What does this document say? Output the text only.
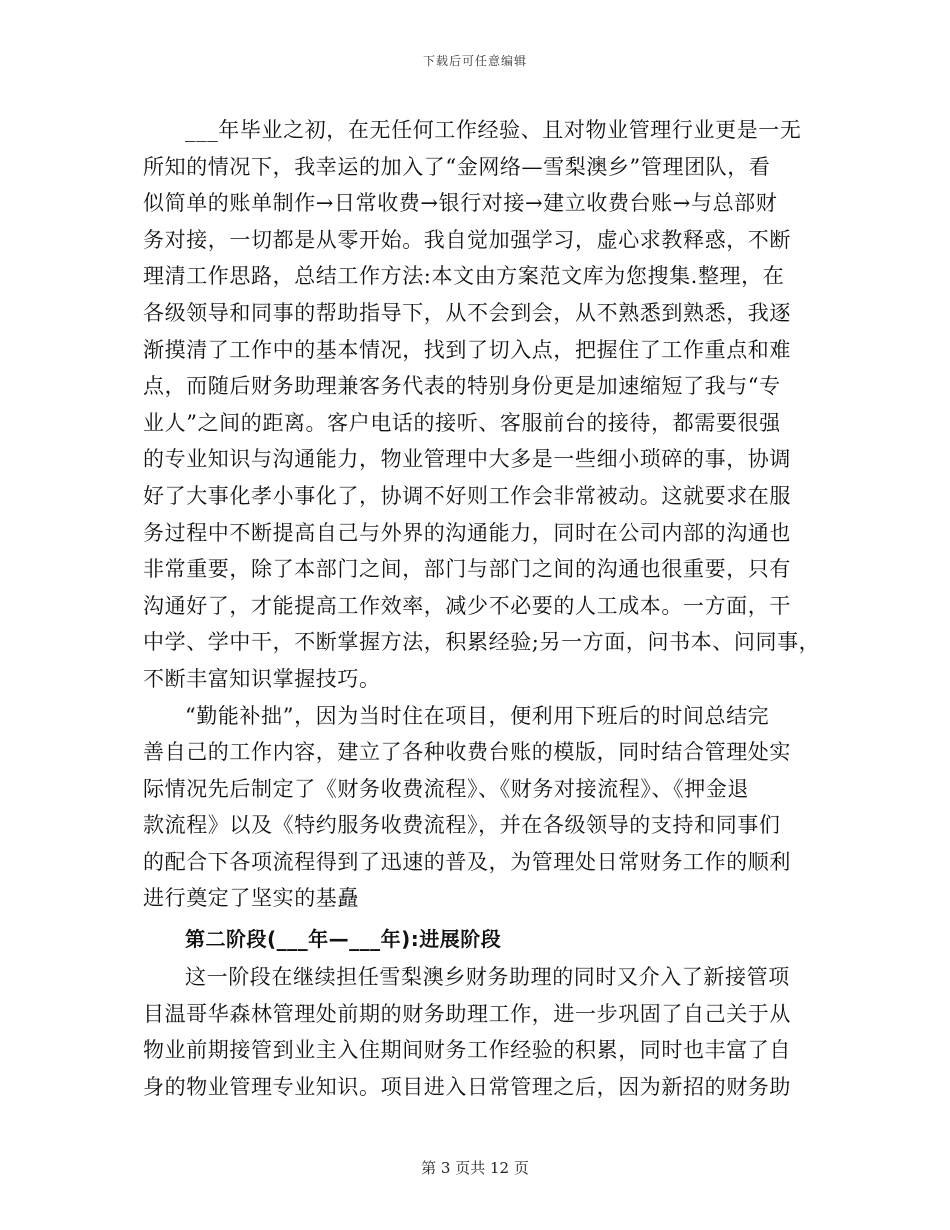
下载后可任意编辑
___年毕业之初，在无任何工作经验、且对物业管理行业更是一无
所知的情况下，我幸运的加入了“金网络—雪梨澳乡”管理团队，看
似简单的账单制作→日常收费→银行对接→建立收费台账→与总部财
务对接，一切都是从零开始。我自觉加强学习，虚心求教释惑，不断
理清工作思路，总结工作方法:本文由方案范文库为您搜集.整理，在
各级领导和同事的帮助指导下，从不会到会，从不熟悉到熟悉，我逐
渐摸清了工作中的基本情况，找到了切入点，把握住了工作重点和难
点，而随后财务助理兼客务代表的特别身份更是加速缩短了我与“专
业人”之间的距离。客户电话的接听、客服前台的接待，都需要很强
的专业知识与沟通能力，物业管理中大多是一些细小琐碎的事，协调
好了大事化孝小事化了，协调不好则工作会非常被动。这就要求在服
务过程中不断提高自己与外界的沟通能力，同时在公司内部的沟通也
非常重要，除了本部门之间，部门与部门之间的沟通也很重要，只有
沟通好了，才能提高工作效率，减少不必要的人工成本。一方面，干
中学、学中干，不断掌握方法，积累经验;另一方面，问书本、问同事，
不断丰富知识掌握技巧。
“勤能补拙”，因为当时住在项目，便利用下班后的时间总结完
善自己的工作内容，建立了各种收费台账的模版，同时结合管理处实
际情况先后制定了《财务收费流程》、《财务对接流程》、《押金退
款流程》以及《特约服务收费流程》，并在各级领导的支持和同事们
的配合下各项流程得到了迅速的普及，为管理处日常财务工作的顺利
进行奠定了坚实的基矗
第二阶段(___年—___年):进展阶段
这一阶段在继续担任雪梨澳乡财务助理的同时又介入了新接管项
目温哥华森林管理处前期的财务助理工作，进一步巩固了自己关于从
物业前期接管到业主入住期间财务工作经验的积累，同时也丰富了自
身的物业管理专业知识。项目进入日常管理之后，因为新招的财务助
第 3 页共 12 页
